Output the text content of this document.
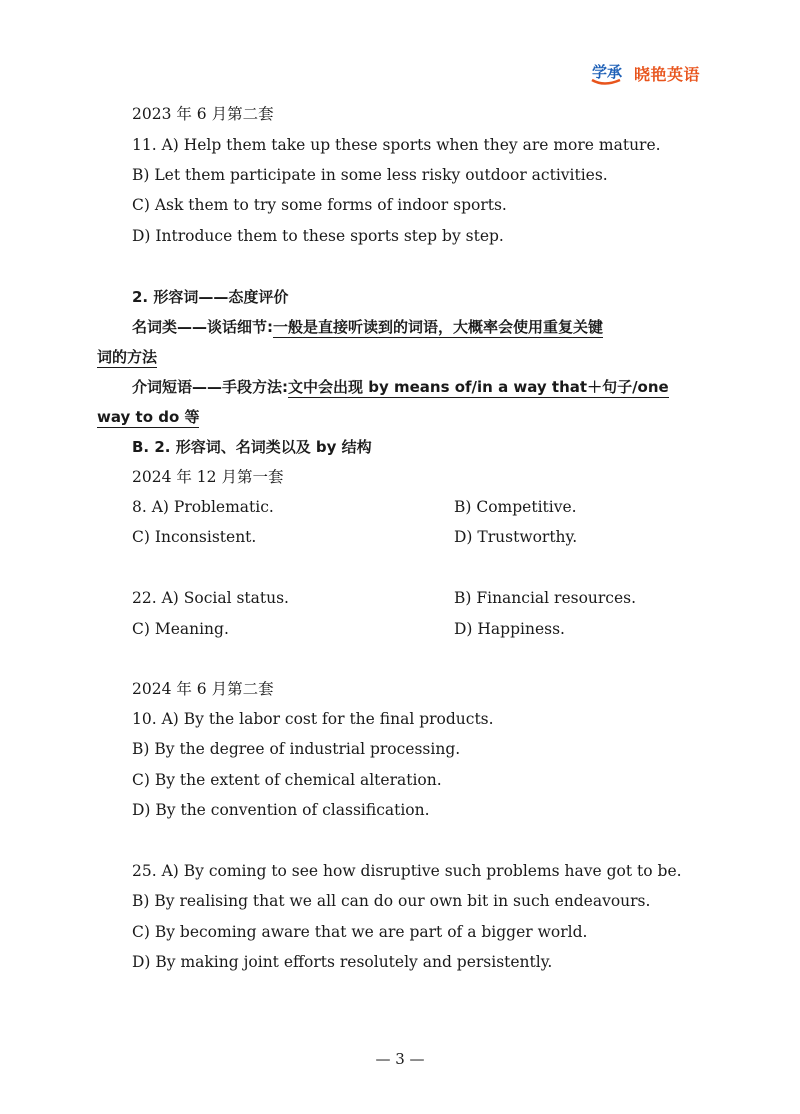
学承 晓艳英语
2023 年 6 月第二套
11. A) Help them take up these sports when they are more mature.
B) Let them participate in some less risky outdoor activities.
C) Ask them to try some forms of indoor sports.
D) Introduce them to these sports step by step.
2. 形容词——态度评价
名词类——谈话细节:一般是直接听读到的词语，大概率会使用重复关键
词的方法
介词短语——手段方法:文中会出现 by means of/in a way that＋句子/one
way to do 等
B. 2. 形容词、名词类以及 by 结构
2024 年 12 月第一套
8. A) Problematic.	B) Competitive.
C) Inconsistent.	D) Trustworthy.
22. A) Social status.	B) Financial resources.
C) Meaning.	D) Happiness.
2024 年 6 月第二套
10. A) By the labor cost for the final products.
B) By the degree of industrial processing.
C) By the extent of chemical alteration.
D) By the convention of classification.
25. A) By coming to see how disruptive such problems have got to be.
B) By realising that we all can do our own bit in such endeavours.
C) By becoming aware that we are part of a bigger world.
D) By making joint efforts resolutely and persistently.
— 3 —
